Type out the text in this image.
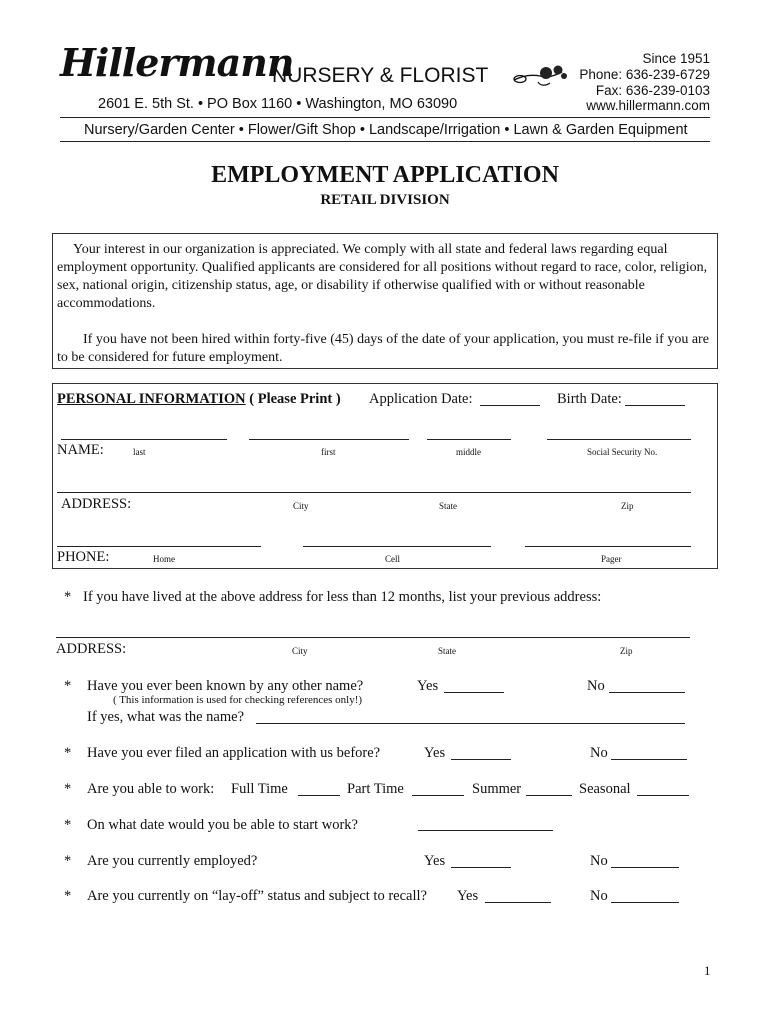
Hillermann
NURSERY & FLORIST
2601 E. 5th St. • PO Box 1160 • Washington, MO 63090
Since 1951
Phone: 636-239-6729
Fax: 636-239-0103
www.hillermann.com
Nursery/Garden Center • Flower/Gift Shop • Landscape/Irrigation • Lawn & Garden Equipment
EMPLOYMENT APPLICATION
RETAIL DIVISION
Your interest in our organization is appreciated. We comply with all state and federal laws regarding equal employment opportunity. Qualified applicants are considered for all positions without regard to race, color, religion, sex, national origin, citizenship status, age, or disability if otherwise qualified with or without reasonable accommodations.
If you have not been hired within forty-five (45) days of the date of your application, you must re-file if you are to be considered for future employment.
PERSONAL INFORMATION ( Please Print ) Application Date:	Birth Date:
NAME:	last	first	middle	Social Security No.
ADDRESS:	City	State	Zip
PHONE:	Home	Cell	Pager
* If you have lived at the above address for less than 12 months, list your previous address:
ADDRESS:	City	State	Zip
* Have you ever been known by any other name?	Yes	No
( This information is used for checking references only!)
If yes, what was the name?
* Have you ever filed an application with us before?	Yes	No
* Are you able to work: Full Time	Part Time	Summer	Seasonal
* On what date would you be able to start work?
* Are you currently employed?	Yes	No
* Are you currently on “lay-off” status and subject to recall? Yes	No
1
